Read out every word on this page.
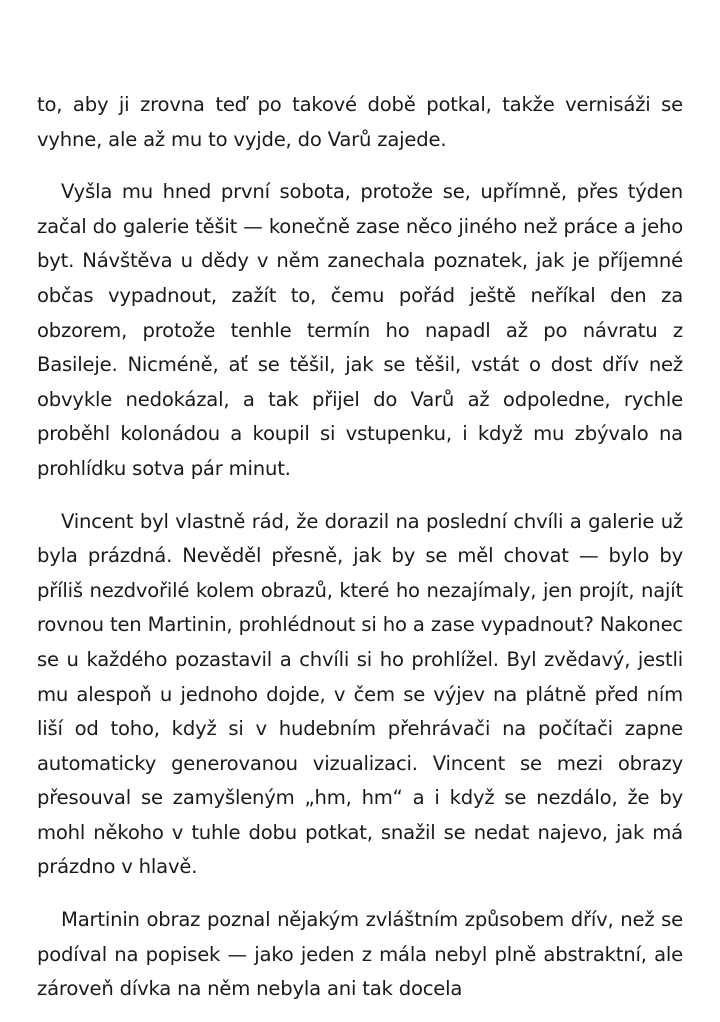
to, aby ji zrovna teď po takové době potkal, takže vernisáži se vyhne, ale až mu to vyjde, do Varů zajede.

Vyšla mu hned první sobota, protože se, upřímně, přes týden začal do galerie těšit — konečně zase něco jiného než práce a jeho byt. Návštěva u dědy v něm zanechala poznatek, jak je příjemné občas vypadnout, zažít to, čemu pořád ještě neříkal den za obzorem, protože tenhle termín ho napadl až po návratu z Basileje. Nicméně, ať se těšil, jak se těšil, vstát o dost dřív než obvykle nedokázal, a tak přijel do Varů až odpoledne, rychle proběhl kolonádou a koupil si vstupenku, i když mu zbývalo na prohlídku sotva pár minut.

Vincent byl vlastně rád, že dorazil na poslední chvíli a galerie už byla prázdná. Nevěděl přesně, jak by se měl chovat — bylo by příliš nezdvořilé kolem obrazů, které ho nezajímaly, jen projít, najít rovnou ten Martinin, prohlédnout si ho a zase vypadnout? Nakonec se u každého pozastavil a chvíli si ho prohlížel. Byl zvědavý, jestli mu alespoň u jednoho dojde, v čem se výjev na plátně před ním liší od toho, když si v hudebním přehrávači na počítači zapne automaticky generovanou vizualizaci. Vincent se mezi obrazy přesouval se zamyšleným „hm, hm“ a i když se nezdálo, že by mohl někoho v tuhle dobu potkat, snažil se nedat najevo, jak má prázdno v hlavě.

Martinin obraz poznal nějakým zvláštním způsobem dřív, než se podíval na popisek — jako jeden z mála nebyl plně abstraktní, ale zároveň dívka na něm nebyla ani tak docela
